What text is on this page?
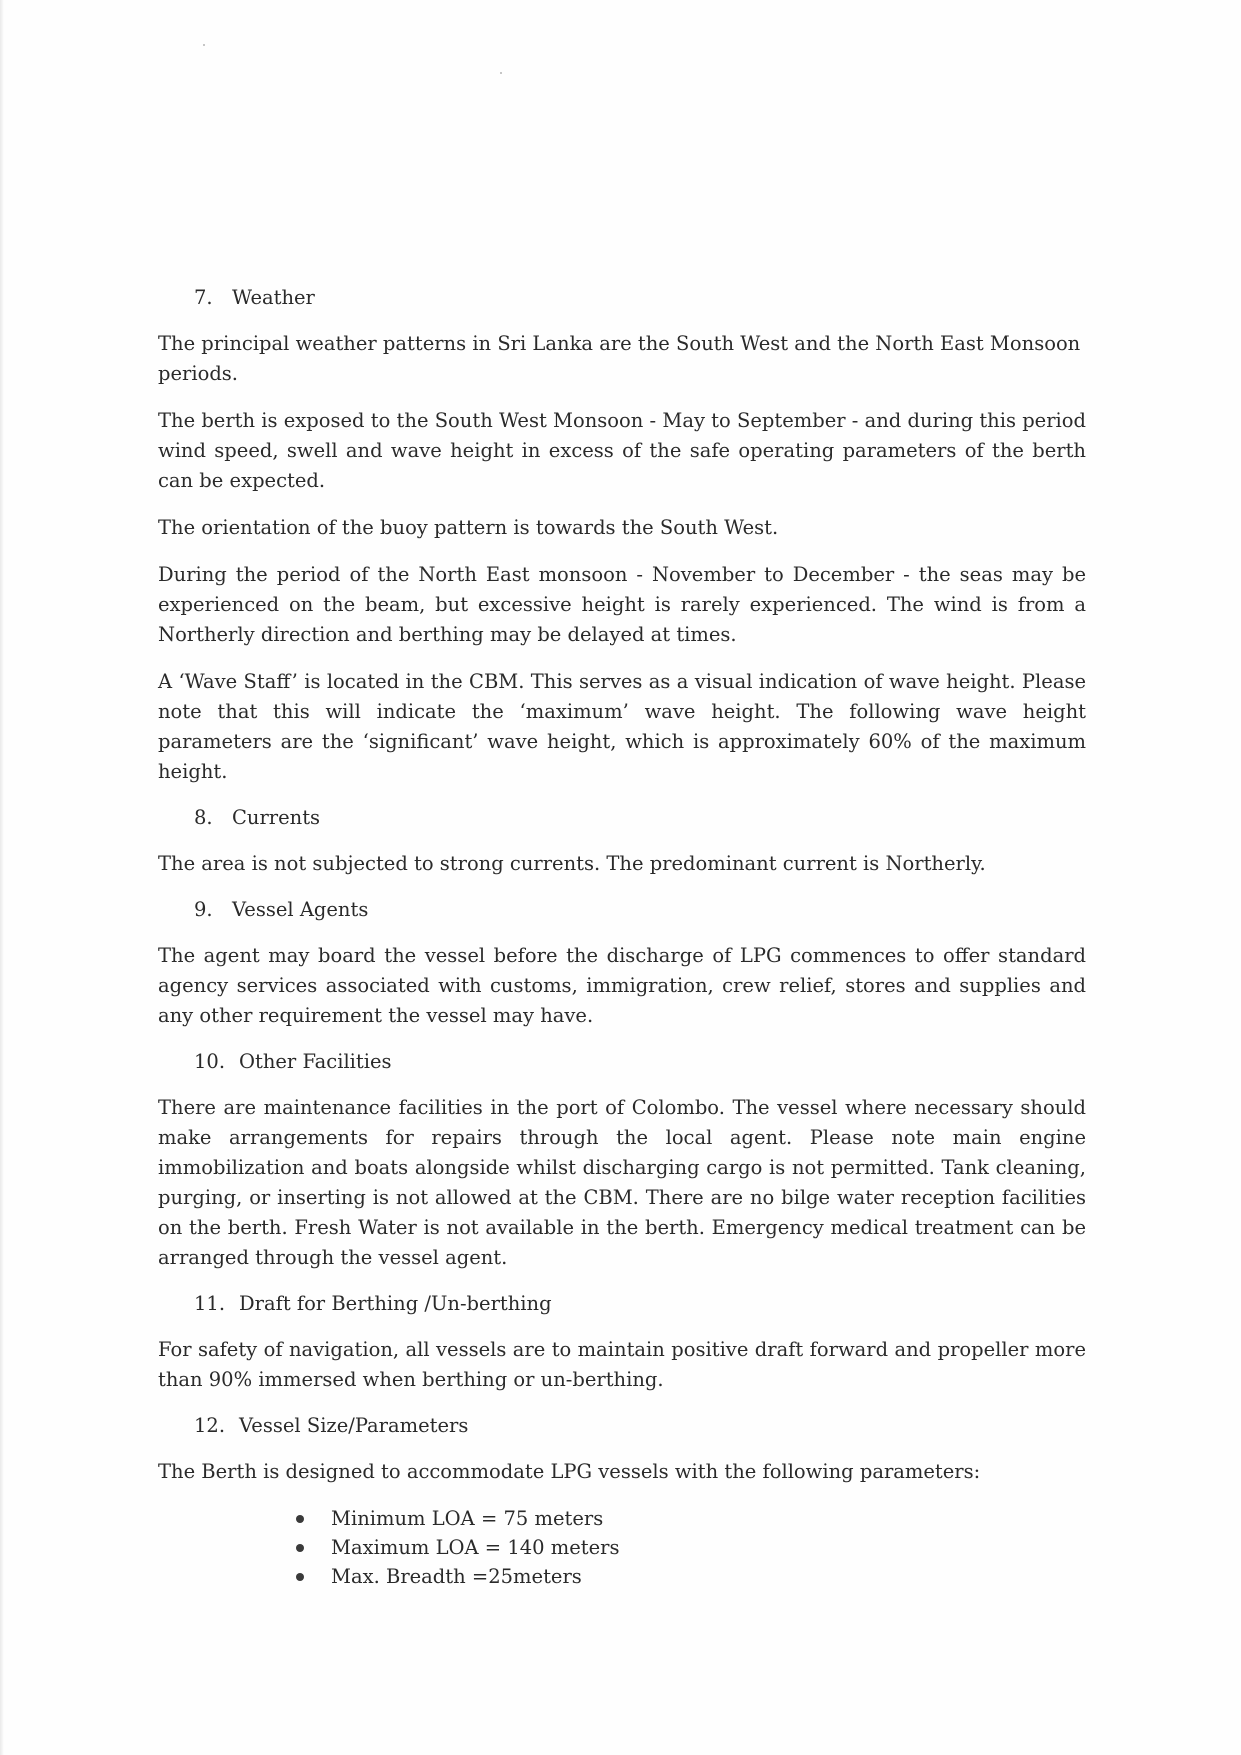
7. Weather

The principal weather patterns in Sri Lanka are the South West and the North East Monsoon periods.

The berth is exposed to the South West Monsoon - May to September - and during this period wind speed, swell and wave height in excess of the safe operating parameters of the berth can be expected.

The orientation of the buoy pattern is towards the South West.

During the period of the North East monsoon - November to December - the seas may be experienced on the beam, but excessive height is rarely experienced. The wind is from a Northerly direction and berthing may be delayed at times.

A ‘Wave Staff’ is located in the CBM. This serves as a visual indication of wave height. Please note that this will indicate the ‘maximum’ wave height. The following wave height parameters are the ‘significant’ wave height, which is approximately 60% of the maximum height.

8. Currents

The area is not subjected to strong currents. The predominant current is Northerly.

9. Vessel Agents

The agent may board the vessel before the discharge of LPG commences to offer standard agency services associated with customs, immigration, crew relief, stores and supplies and any other requirement the vessel may have.

10. Other Facilities

There are maintenance facilities in the port of Colombo. The vessel where necessary should make arrangements for repairs through the local agent. Please note main engine immobilization and boats alongside whilst discharging cargo is not permitted. Tank cleaning, purging, or inserting is not allowed at the CBM. There are no bilge water reception facilities on the berth. Fresh Water is not available in the berth. Emergency medical treatment can be arranged through the vessel agent.

11. Draft for Berthing /Un-berthing

For safety of navigation, all vessels are to maintain positive draft forward and propeller more than 90% immersed when berthing or un-berthing.

12. Vessel Size/Parameters

The Berth is designed to accommodate LPG vessels with the following parameters:

Minimum LOA = 75 meters
Maximum LOA = 140 meters
Max. Breadth =25meters
